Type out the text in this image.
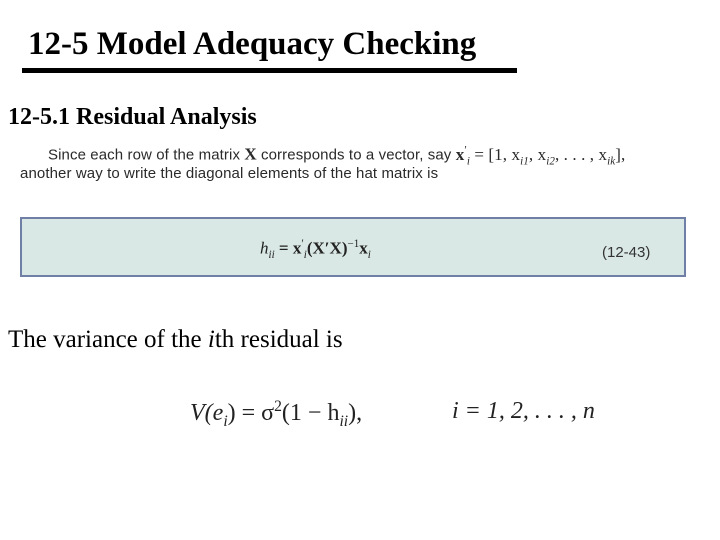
12-5 Model Adequacy Checking
12-5.1 Residual Analysis
Since each row of the matrix X corresponds to a vector, say $x'_i = [1$, $x_{i1}$, $x_{i2}$, . . . , $x_{ik}$],
another way to write the diagonal elements of the hat matrix is
$h_{ii} = x'_i(X'X)^{-1}x_i$	(12-43)
The variance of the ith residual is
$V(e_i) = \sigma^2(1 - h_{ii})$,	i = 1, 2, . . . , n
